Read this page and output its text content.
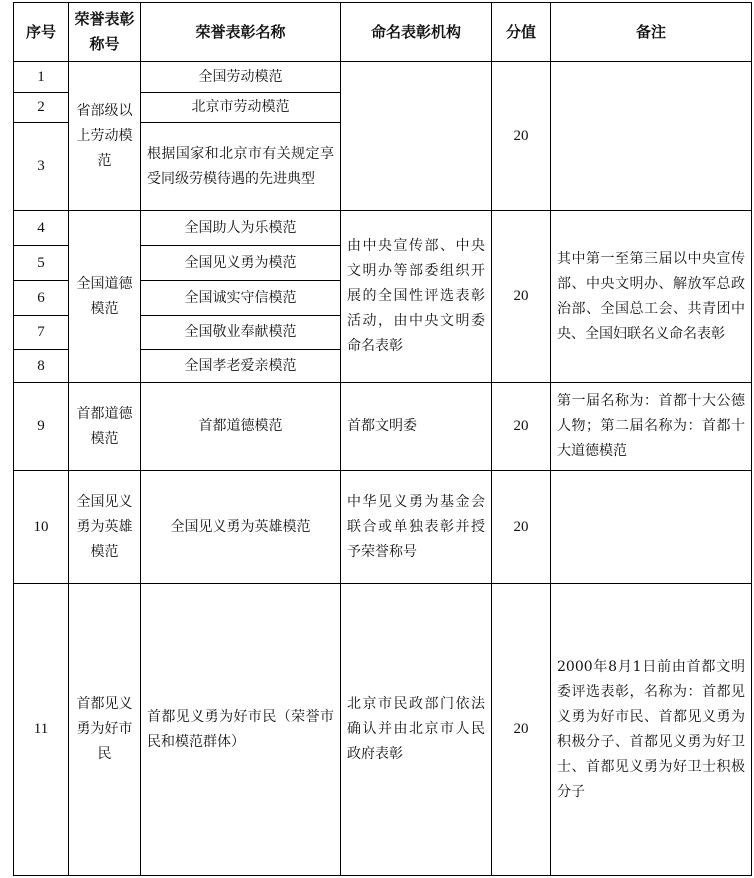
序号	荣誉表彰称号	荣誉表彰名称	命名表彰机构	分值	备注
1	省部级以上劳动模范	全国劳动模范		20	
2		北京市劳动模范			
3		根据国家和北京市有关规定享受同级劳模待遇的先进典型			
4	全国道德模范	全国助人为乐模范	由中央宣传部、中央文明办等部委组织开展的全国性评选表彰活动，由中央文明委命名表彰	20	其中第一至第三届以中央宣传部、中央文明办、解放军总政治部、全国总工会、共青团中央、全国妇联名义命名表彰
5		全国见义勇为模范			
6		全国诚实守信模范			
7		全国敬业奉献模范			
8		全国孝老爱亲模范			
9	首都道德模范	首都道德模范	首都文明委	20	第一届名称为：首都十大公德人物；第二届名称为：首都十大道德模范
10	全国见义勇为英雄模范	全国见义勇为英雄模范	中华见义勇为基金会联合或单独表彰并授予荣誉称号	20	
11	首都见义勇为好市民	首都见义勇为好市民（荣誉市民和模范群体）	北京市民政部门依法确认并由北京市人民政府表彰	20	2000年8月1日前由首都文明委评选表彰，名称为：首都见义勇为好市民、首都见义勇为积极分子、首都见义勇为好卫士、首都见义勇为好卫士积极分子
